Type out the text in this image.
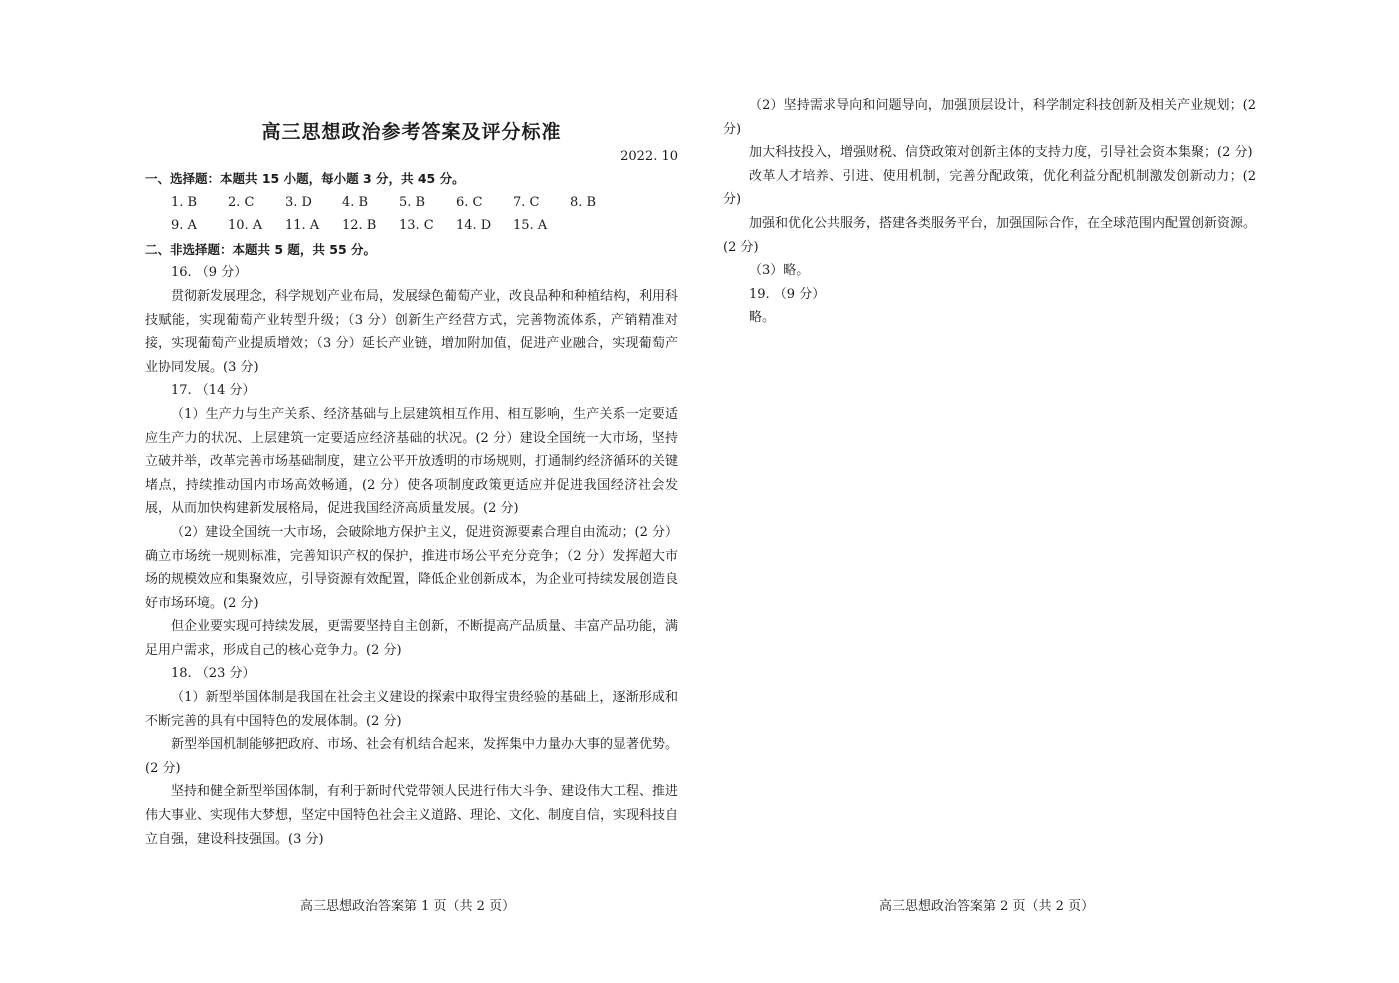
高三思想政治参考答案及评分标准
2022. 10
一、选择题：本题共 15 小题，每小题 3 分，共 45 分。
1. B 2. C 3. D 4. B 5. B 6. C 7. C 8. B
9. A 10. A 11. A 12. B 13. C 14. D 15. A
二、非选择题：本题共 5 题，共 55 分。
16. （9 分）

贯彻新发展理念，科学规划产业布局，发展绿色葡萄产业，改良品种和种植结构，利用科技赋能，实现葡萄产业转型升级；（3 分）创新生产经营方式，完善物流体系，产销精准对接，实现葡萄产业提质增效；（3 分）延长产业链，增加附加值，促进产业融合，实现葡萄产业协同发展。(3 分)

17. （14 分）

（1）生产力与生产关系、经济基础与上层建筑相互作用、相互影响，生产关系一定要适应生产力的状况、上层建筑一定要适应经济基础的状况。(2 分）建设全国统一大市场，坚持立破并举，改革完善市场基础制度，建立公平开放透明的市场规则，打通制约经济循环的关键堵点，持续推动国内市场高效畅通，(2 分）使各项制度政策更适应并促进我国经济社会发展，从而加快构建新发展格局，促进我国经济高质量发展。(2 分)

（2）建设全国统一大市场，会破除地方保护主义，促进资源要素合理自由流动；(2 分）确立市场统一规则标准，完善知识产权的保护，推进市场公平充分竞争；（2 分）发挥超大市场的规模效应和集聚效应，引导资源有效配置，降低企业创新成本，为企业可持续发展创造良好市场环境。(2 分)

但企业要实现可持续发展，更需要坚持自主创新，不断提高产品质量、丰富产品功能，满足用户需求，形成自己的核心竞争力。(2 分)

18. （23 分）

（1）新型举国体制是我国在社会主义建设的探索中取得宝贵经验的基础上，逐渐形成和不断完善的具有中国特色的发展体制。(2 分)

新型举国机制能够把政府、市场、社会有机结合起来，发挥集中力量办大事的显著优势。(2 分)

坚持和健全新型举国体制，有利于新时代党带领人民进行伟大斗争、建设伟大工程、推进伟大事业、实现伟大梦想，坚定中国特色社会主义道路、理论、文化、制度自信，实现科技自立自强，建设科技强国。(3 分)

（2）坚持需求导向和问题导向，加强顶层设计，科学制定科技创新及相关产业规划；(2 分)

加大科技投入，增强财税、信贷政策对创新主体的支持力度，引导社会资本集聚；(2 分)

改革人才培养、引进、使用机制，完善分配政策，优化利益分配机制激发创新动力；(2 分)

加强和优化公共服务，搭建各类服务平台，加强国际合作，在全球范围内配置创新资源。(2 分)

（3）略。
19. （9 分）
略。
高三思想政治答案第 1 页（共 2 页）	高三思想政治答案第 2 页（共 2 页）
